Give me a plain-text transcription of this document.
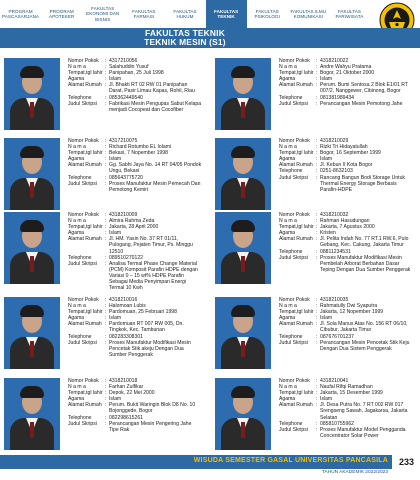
PROGRAM PASCASARJANA
PROGRAM APOTEKER
FAKULTAS EKONOMI DAN BISNIS
FAKULTAS FARMASI
FAKULTAS HUKUM
FAKULTAS TEKNIK
FAKULTAS PSIKOLOGI
FAKULTAS ILMU KOMUNIKASI
FAKULTAS PARIWISATA
FAKULTAS TEKNIK
TEKNIK MESIN (S1)
Nomor Pokok	: 4317210056
N a m a	: Salahuddin Yusuf
Tempat,tgl lahir : Panipahan, 25 Juli 1998
Agama	: Islam
Alamat Rumah : Jl. Bhakti RT 02 RW 01 Panipahan Darat, Pasir Limau Kapas, Rohil, Riau
Telephone	: 085362449540
Judul Skripsi	: Fabrikasi Mesin Pengupas Sabut Kelapa menjadi Cocopeat dan Cocofiber
Nomor Pokok	: 4318210022
N a m a	: Andre Wahyu Pratama
Tempat,tgl lahir : Bogor, 21 Oktober 2000
Agama	: Islam
Alamat Rumah : Perum. Bumi Sentosa 2 Blok E1/01 RT 007/2, Nanggewer, Cibinong, Bogor
Telephone	: 081381989434
Judul Skripsi	: Perancangan Mesin Pemotong Jahe
Nomor Pokok	: 4317210075
N a m a	: Richard Rotumbo EL Iolami
Tempat,tgl lahir : Bekasi, 7 Nopember 1998
Agama	: Islam
Alamat Rumah : Gg. Sabhi Jaya No. 14 RT 04/05 Pondok Ungu, Bekasi
Telephone	: 085643775720
Judul Skripsi	: Proses Manufaktur Mesin Pemecah Dan Pemotong Kemiri
Nomor Pokok	: 4318210029
N a m a	: Rizki Tri Hidayatullah
Tempat,tgl lahir : Bogor, 16 September 1999
Agama	: Islam
Alamat Rumah : Jl. Kebun II Kota Bogor
Telephone	: 0251-8632103
Judul Skripsi	: Rancang Bangun Bodi Storage Untuk Thermal Energy Storage Berbasis Parafin-HDPE
Nomor Pokok	: 4318210009
N a m a	: Almira Rahma Zeda
Tempat,tgl lahir : Jakarta, 28 April 2000
Agama	: Islam
Alamat Rumah : Jl. HM. Yasin No. 37 RT 01/11, Pulogang, Pejaten Timur, Ps. Minggu 12510
Telephone	: 089510270122
Judul Skripsi	: Analisa Termal Phase Change Material (PCM) Komposit Parafin HDPE dengan Variasi 0 – 15 wt% HDPE Parafin Sebagai Media Penyimpan Energi Termal 10 Kwh
Nomor Pokok	: 4318210032
N a m a	: Rahman Hasudungan
Tempat,tgl lahir : Jakarta, 7 Agustus 2000
Agama	: Kristen
Alamat Rumah : Jl. Pelita Indah No. 77 RT.1 RW.6, Pulo Gebang, Kec. Cakung, Jakarta Timur
Telephone	: 08811234531
Judul Skripsi	: Proses Manufaktur Modifikasi Mesin Pembelah Arborat Berbahan Dasar Teping Dengan Dua Sumber Penggerak
Nomor Pokok	: 4318210016
N a m a	: Halomoan Lubis
Tempat,tgl lahir : Pardomuan, 25 Februari 1998
Agama	: Islam
Alamat Rumah : Pardomuan RT 007 RW 005, Dn. Tingkok, Kec. Tambunan
Telephone	: 082283308301
Judul Skripsi	: Proses Manufaktur Modifikasi Mesin Pencetak Stik akeju Dengan Dua Sumber Penggerak
Nomor Pokok	: 4318210035
N a m a	: Rahmatully Dwi Syaputra
Tempat,tgl lahir : Jakarta, 12 Nopember 1999
Agama	: Islam
Alamat Rumah : Jl. Sola Manus Atas No. 156 RT 06/10, Cibubur, Jakarta Timur
Telephone	: 087676701237
Judul Skripsi	: Perancangan Mesin Pencetak Stik Keju Dengan Dua Sistem Penggerak
Nomor Pokok	: 4318210018
N a m a	: Farhan Zulfikar
Tempat,tgl lahir : Depok, 22 Mei 2000
Agama	: Islam
Alamat Rumah : Perum. Bukit Waringin Blok D8 No. 10 Bojonggede, Bogor
Telephone	: 082298615261
Judul Skripsi	: Perancangan Mesin Pengering Jahe Tipe Rak
Nomor Pokok	: 4318210041
N a m a	: Naufal Rifqi Ramadhan
Tempat,tgl lahir : Jakarta, 15 Desember 1999
Agama	: Islam
Alamat Rumah : Jl. Desa Putra No. 7 RT 002 RW 017 Srengseng Sawah, Jagakarsa, Jakarta Selatan
Telephone	: 085810755962
Judul Skripsi	: Proses Manufaktur Model Pengganda Concentrator Solar Power
WISUDA SEMESTER GASAL UNIVERSITAS PANCASILA
TAHUN AKADEMIK 2022/2023
233
